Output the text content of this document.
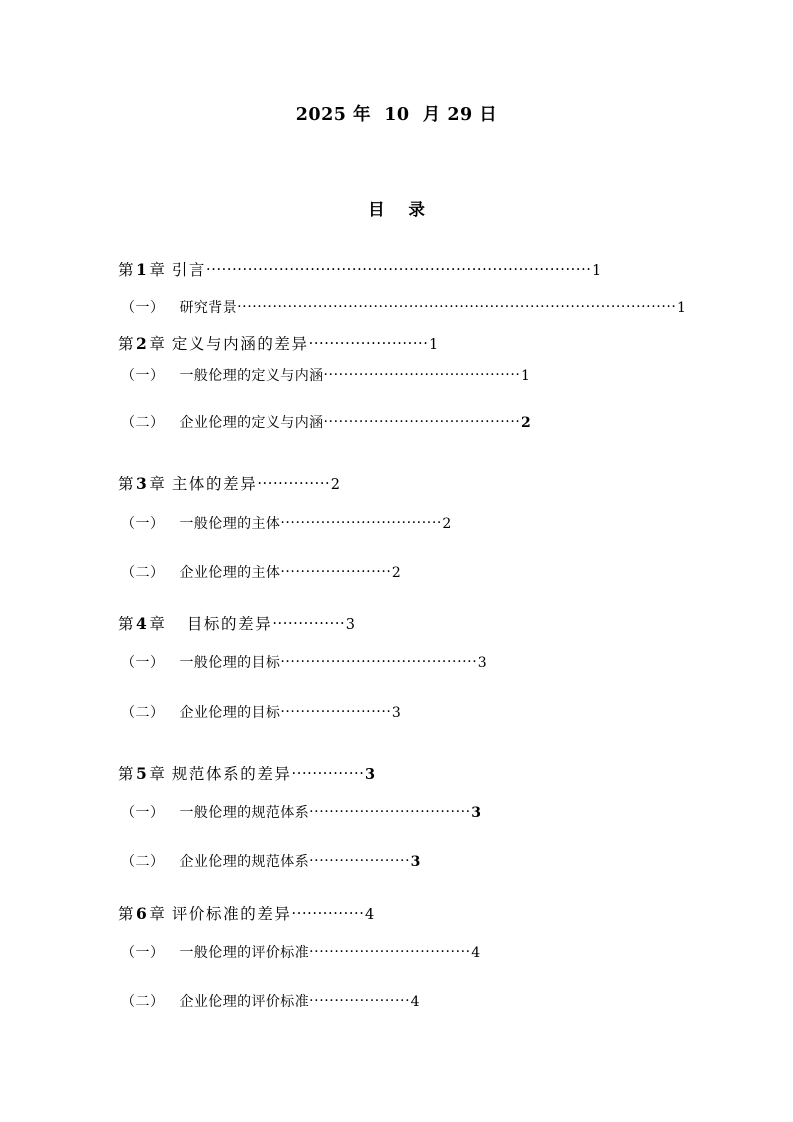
2025 年  10  月 29 日
目 录
第 1 章 引言 ·········································································· 1
（一） 研究背景 ······················································································· 1
第 2 章 定义与内涵的差异 ······················· 1
（一） 一般伦理的定义与内涵 ······································· 1
（二） 企业伦理的定义与内涵 ······································· 2
第 3 章 主体的差异 ·············· 2
（一） 一般伦理的主体 ································ 2
（二） 企业伦理的主体 ······················ 2
第 4 章 目标的差异 ·············· 3
（一） 一般伦理的目标 ······································· 3
（二） 企业伦理的目标 ······················ 3
第 5 章 规范体系的差异 ·············· 3
（一） 一般伦理的规范体系 ································ 3
（二） 企业伦理的规范体系 ···················· 3
第 6 章 评价标准的差异 ·············· 4
（一） 一般伦理的评价标准 ································ 4
（二） 企业伦理的评价标准 ···················· 4
